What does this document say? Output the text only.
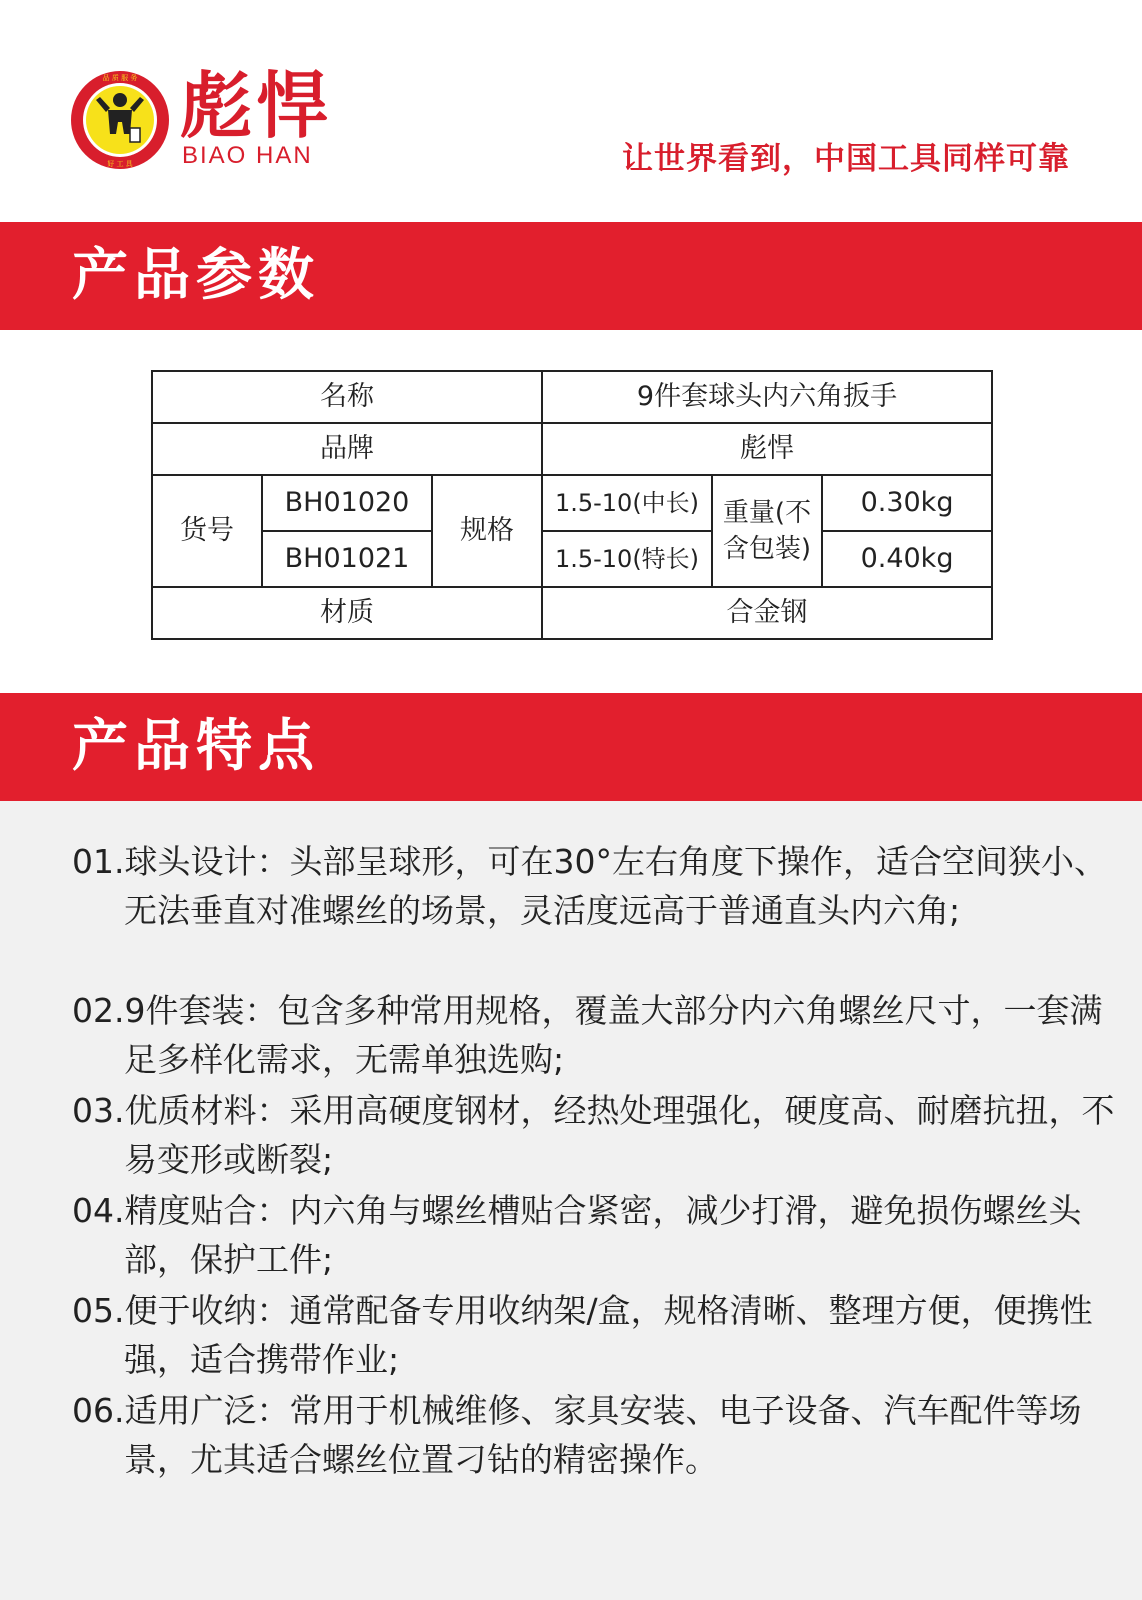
品 质 服 务
好 工 具
彪悍
BIAO HAN	让世界看到，中国工具同样可靠
产品参数
名称			9件套球头内六角扳手		
品牌			彪悍		
货号	BH01020	规格	1.5-10(中长)	重量(不含包装)	0.30kg
	BH01021		1.5-10(特长)		0.40kg
材质			合金钢		
产品特点
01.球头设计：头部呈球形，可在30°左右角度下操作，适合空间狭小、无法垂直对准螺丝的场景，灵活度远高于普通直头内六角;
02.9件套装：包含多种常用规格，覆盖大部分内六角螺丝尺寸，一套满足多样化需求，无需单独选购;
03.优质材料：采用高硬度钢材，经热处理强化，硬度高、耐磨抗扭，不易变形或断裂;
04.精度贴合：内六角与螺丝槽贴合紧密，减少打滑，避免损伤螺丝头部，保护工件;
05.便于收纳：通常配备专用收纳架/盒，规格清晰、整理方便，便携性强，适合携带作业;
06.适用广泛：常用于机械维修、家具安装、电子设备、汽车配件等场景，尤其适合螺丝位置刁钻的精密操作。
